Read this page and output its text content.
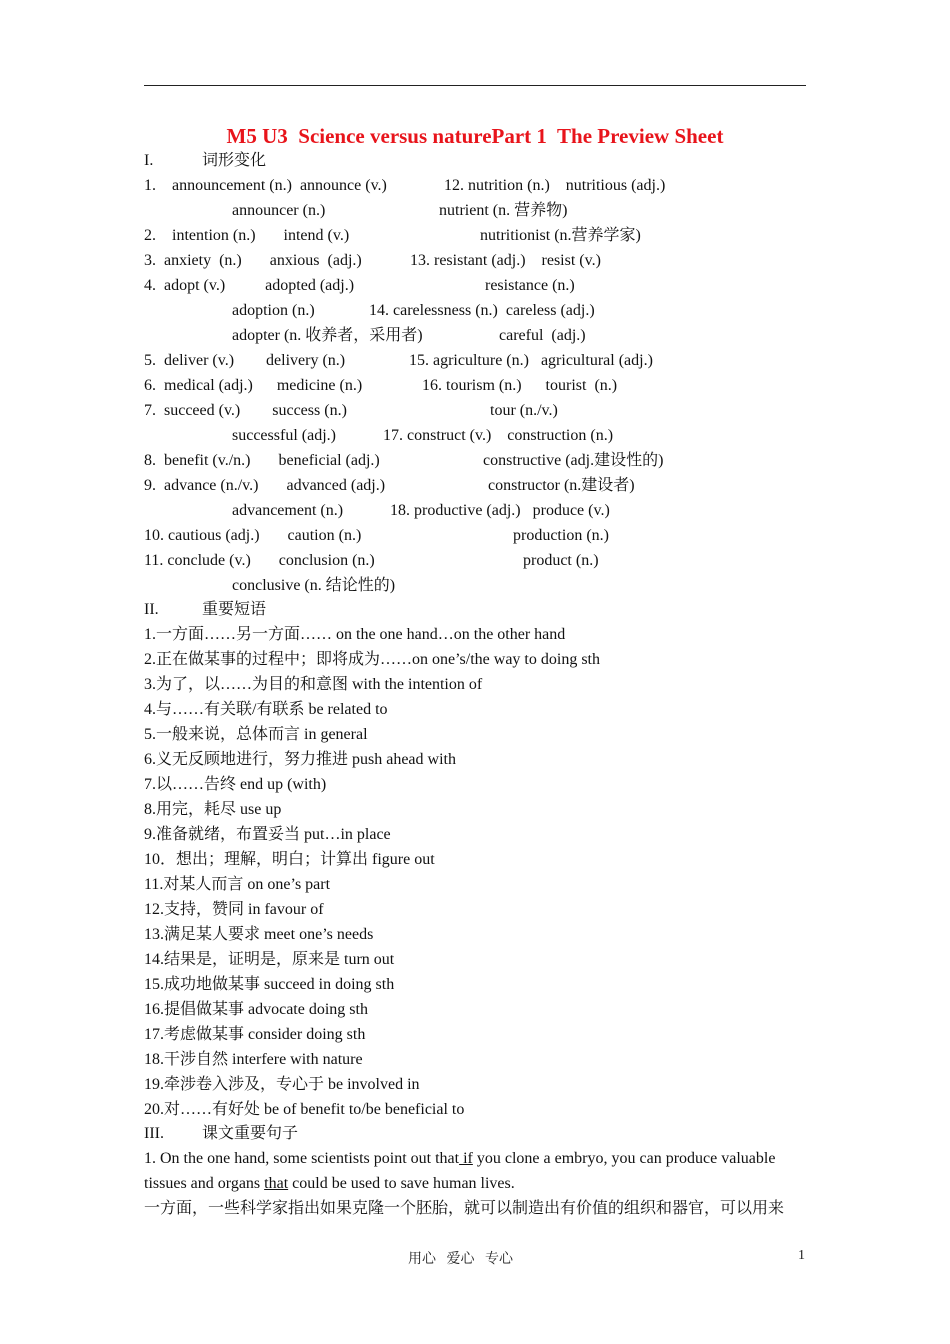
M5 U3  Science versus naturePart 1  The Preview Sheet
I.	词形变化
1. announcement (n.)  announce (v.)	12. nutrition (n.)    nutritious (adj.)
announcer (n.)	nutrient (n. 营养物)
2. intention (n.)       intend (v.)	nutritionist (n.营养学家)
3.  anxiety  (n.)       anxious  (adj.)	13. resistant (adj.)    resist (v.)
4.  adopt (v.)          adopted (adj.)	resistance (n.)
adoption (n.)	14. carelessness (n.)  careless (adj.)
adopter (n. 收养者，采用者)	careful  (adj.)
5.  deliver (v.)        delivery (n.)	15. agriculture (n.)   agricultural (adj.)
6.  medical (adj.)      medicine (n.)	16. tourism (n.)      tourist  (n.)
7.  succeed (v.)        success (n.)	tour (n./v.)
successful (adj.)	17. construct (v.)    construction (n.)
8.  benefit (v./n.)       beneficial (adj.)	constructive (adj.建设性的)
9.  advance (n./v.)       advanced (adj.)	constructor (n.建设者)
advancement (n.)	18. productive (adj.)   produce (v.)
10. cautious (adj.)       caution (n.)	production (n.)
11. conclude (v.)       conclusion (n.)	product (n.)
conclusive (n. 结论性的)
II.	重要短语
1.一方面……另一方面…… on the one hand…on the other hand
2.正在做某事的过程中；即将成为……on one’s/the way to doing sth
3.为了，以……为目的和意图 with the intention of
4.与……有关联/有联系 be related to
5.一般来说，总体而言 in general
6.义无反顾地进行，努力推进 push ahead with
7.以……告终 end up (with)
8.用完，耗尽 use up
9.准备就绪，布置妥当 put…in place
10．想出；理解，明白；计算出 figure out
11.对某人而言 on one’s part
12.支持，赞同 in favour of
13.满足某人要求 meet one’s needs
14.结果是，证明是，原来是 turn out
15.成功地做某事 succeed in doing sth
16.提倡做某事 advocate doing sth
17.考虑做某事 consider doing sth
18.干涉自然 interfere with nature
19.牵涉卷入涉及，专心于 be involved in
20.对……有好处 be of benefit to/be beneficial to
III. 课文重要句子
1. On the one hand, some scientists point out that if you clone a embryo, you can produce valuable
tissues and organs that could be used to save human lives.
一方面，一些科学家指出如果克隆一个胚胎，就可以制造出有价值的组织和器官，可以用来
用心   爱心   专心	1
